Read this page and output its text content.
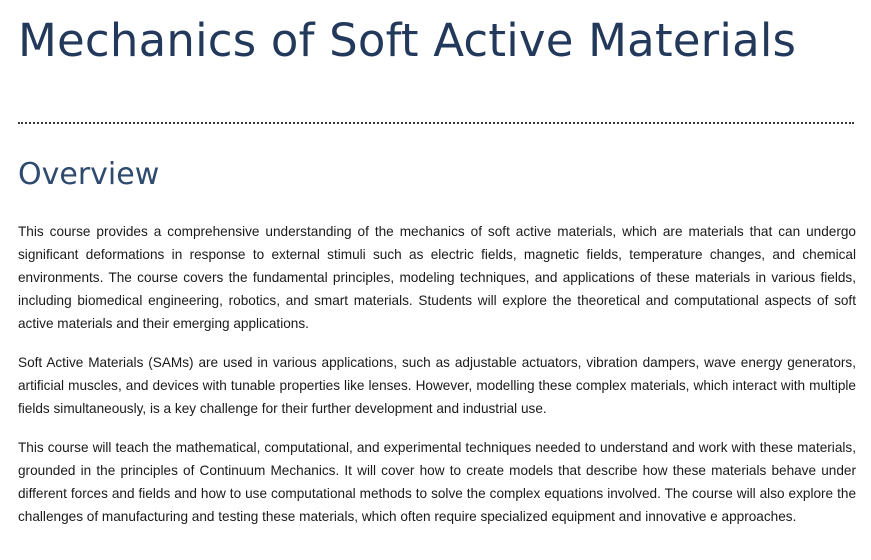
Mechanics of Soft Active Materials
Overview

This course provides a comprehensive understanding of the mechanics of soft active materials, which are materials that can undergo significant deformations in response to external stimuli such as electric fields, magnetic fields, temperature changes, and chemical environments. The course covers the fundamental principles, modeling techniques, and applications of these materials in various fields, including biomedical engineering, robotics, and smart materials. Students will explore the theoretical and computational aspects of soft active materials and their emerging applications.

Soft Active Materials (SAMs) are used in various applications, such as adjustable actuators, vibration dampers, wave energy generators, artificial muscles, and devices with tunable properties like lenses. However, modelling these complex materials, which interact with multiple fields simultaneously, is a key challenge for their further development and industrial use.

This course will teach the mathematical, computational, and experimental techniques needed to understand and work with these materials, grounded in the principles of Continuum Mechanics. It will cover how to create models that describe how these materials behave under different forces and fields and how to use computational methods to solve the complex equations involved. The course will also explore the challenges of manufacturing and testing these materials, which often require specialized equipment and innovative e approaches.
